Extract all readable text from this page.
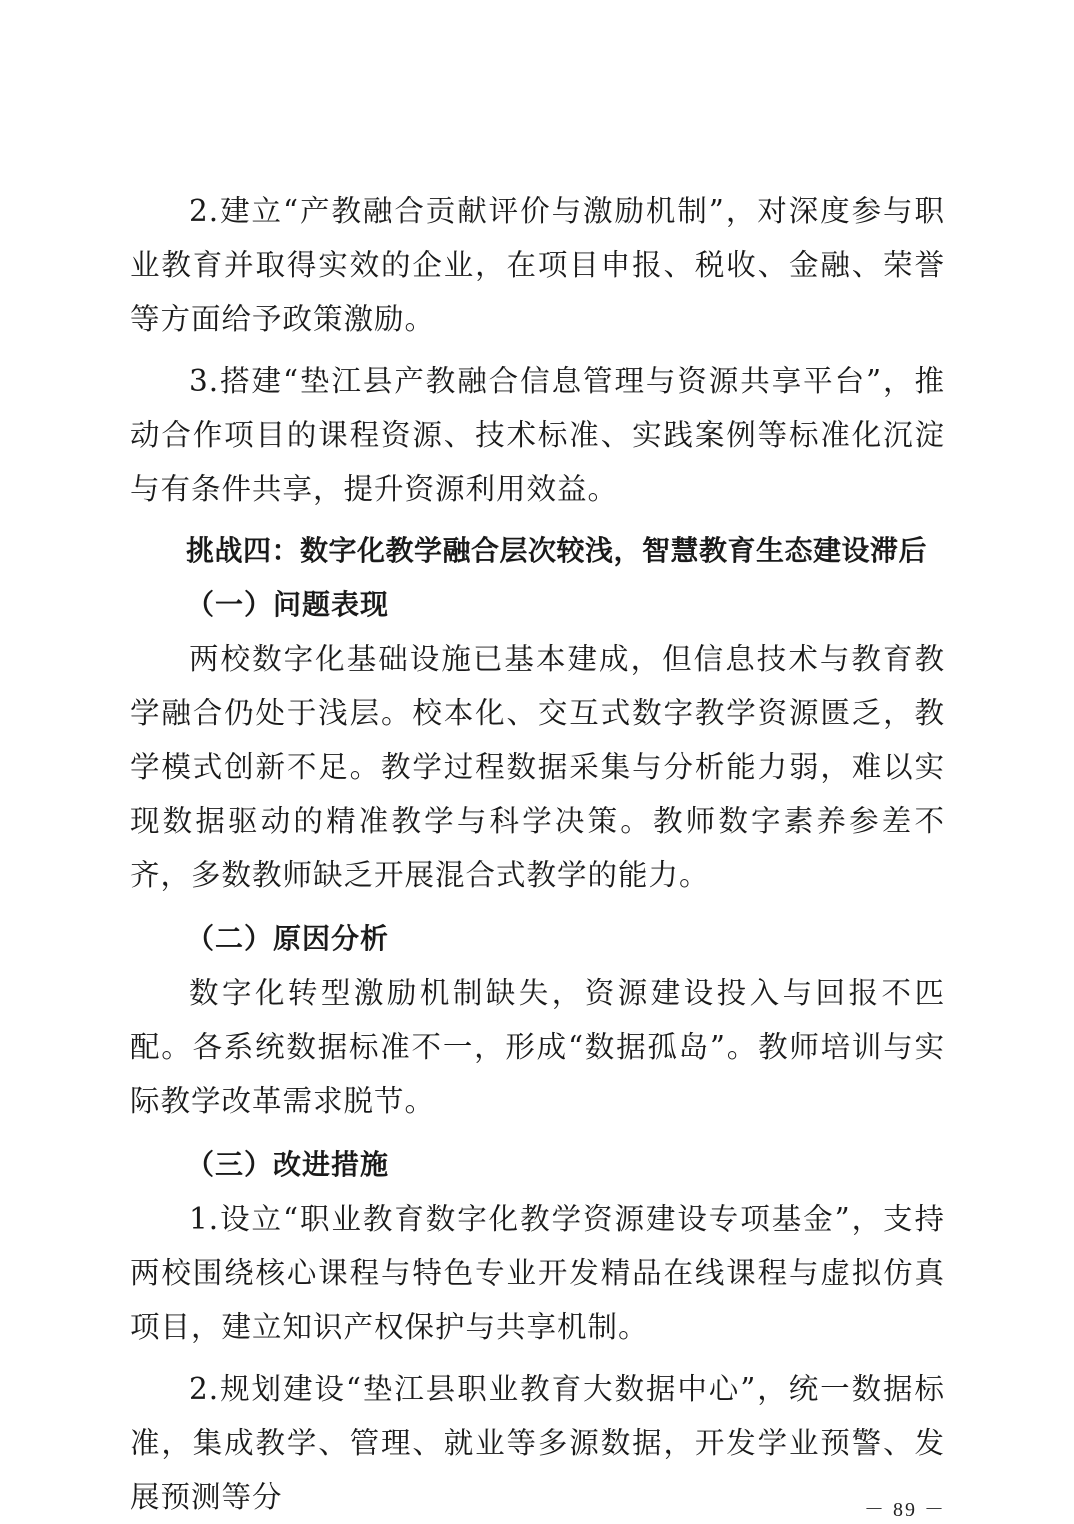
2.建立“产教融合贡献评价与激励机制”，对深度参与职业教育并取得实效的企业，在项目申报、税收、金融、荣誉等方面给予政策激励。

3.搭建“垫江县产教融合信息管理与资源共享平台”，推动合作项目的课程资源、技术标准、实践案例等标准化沉淀与有条件共享，提升资源利用效益。

挑战四：数字化教学融合层次较浅，智慧教育生态建设滞后

（一）问题表现

两校数字化基础设施已基本建成，但信息技术与教育教学融合仍处于浅层。校本化、交互式数字教学资源匮乏，教学模式创新不足。教学过程数据采集与分析能力弱，难以实现数据驱动的精准教学与科学决策。教师数字素养参差不齐，多数教师缺乏开展混合式教学的能力。

（二）原因分析

数字化转型激励机制缺失，资源建设投入与回报不匹配。各系统数据标准不一，形成“数据孤岛”。教师培训与实际教学改革需求脱节。

（三）改进措施

1.设立“职业教育数字化教学资源建设专项基金”，支持两校围绕核心课程与特色专业开发精品在线课程与虚拟仿真项目，建立知识产权保护与共享机制。

2.规划建设“垫江县职业教育大数据中心”，统一数据标准，集成教学、管理、就业等多源数据，开发学业预警、发展预测等分	－ 89 －
